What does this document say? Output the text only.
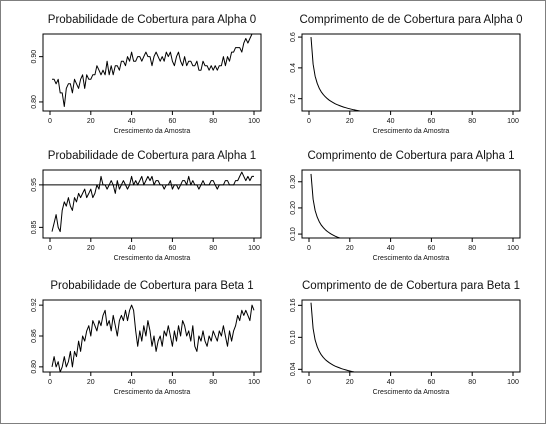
Probabilidade de Cobertura para Alpha 0
0	20	40	60	80	100
0.80
0.90
Crescimento da Amostra
Comprimento de de Cobertura para Alpha 0
0	20	40	60	80	100
0.2
0.4
0.6
Crescimento da Amostra
Probabilidade de Cobertura para Alpha 1
0	20	40	60	80	100
0.85
0.95
Crescimento da Amostra
Comprimento de Cobertura para Alpha 1
0	20	40	60	80	100
0.10
0.20
0.30
Crescimento da Amostra
Probabilidade de Cobertura para Beta 1
0	20	40	60	80	100
0.80
0.86
0.92
Crescimento da Amostra
Comprimento de de Cobertura para Beta 1
0	20	40	60	80	100
0.04
0.10
0.16
Crescimento da Amostra
